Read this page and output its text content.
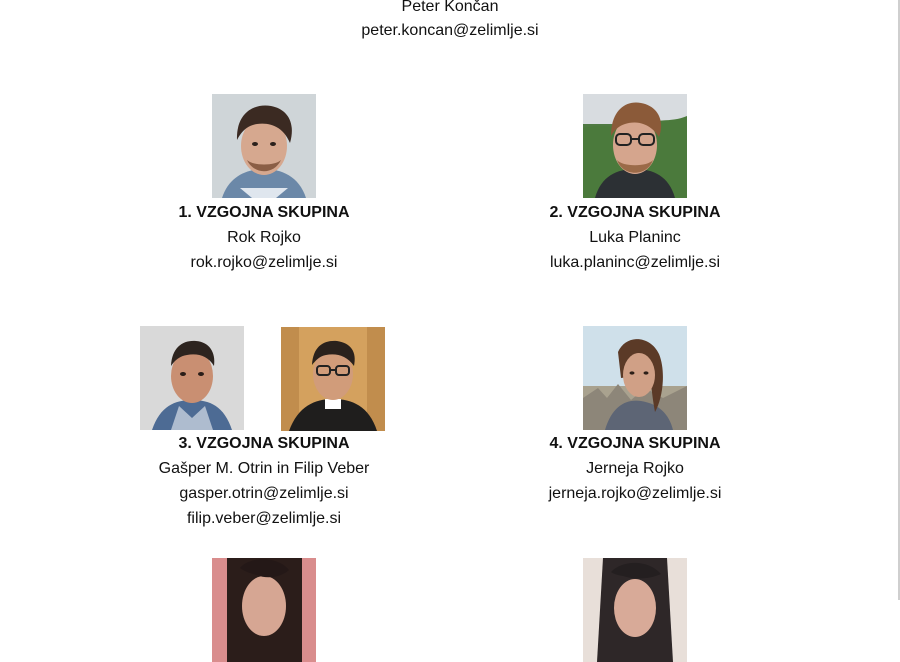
Peter Končan
peter.koncan@zelimlje.si
1. VZGOJNA SKUPINA
Rok Rojko
rok.rojko@zelimlje.si
2. VZGOJNA SKUPINA
Luka Planinc
luka.planinc@zelimlje.si
3. VZGOJNA SKUPINA
Gašper M. Otrin in Filip Veber
gasper.otrin@zelimlje.si
filip.veber@zelimlje.si
4. VZGOJNA SKUPINA
Jerneja Rojko
jerneja.rojko@zelimlje.si
